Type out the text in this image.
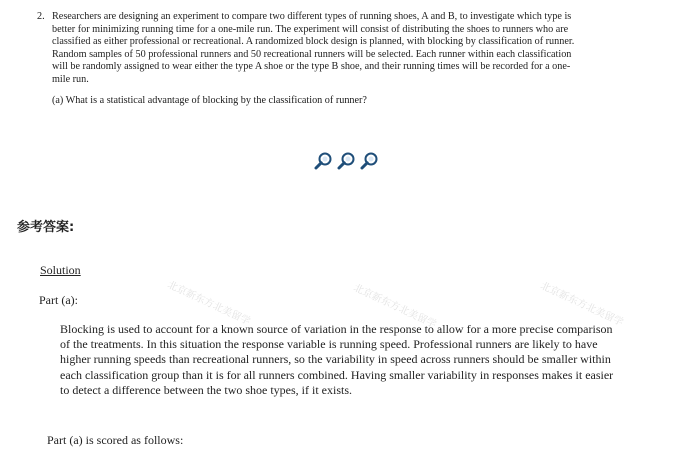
2. Researchers are designing an experiment to compare two different types of running shoes, A and B, to investigate which type is better for minimizing running time for a one-mile run. The experiment will consist of distributing the shoes to runners who are classified as either professional or recreational. A randomized block design is planned, with blocking by classification of runner. Random samples of 50 professional runners and 50 recreational runners will be selected. Each runner within each classification will be randomly assigned to wear either the type A shoe or the type B shoe, and their running times will be recorded for a one-mile run.
(a) What is a statistical advantage of blocking by the classification of runner?
参考答案:
Solution
Part (a):
Blocking is used to account for a known source of variation in the response to allow for a more precise comparison of the treatments. In this situation the response variable is running speed. Professional runners are likely to have higher running speeds than recreational runners, so the variability in speed across runners should be smaller within each classification group than it is for all runners combined. Having smaller variability in responses makes it easier to detect a difference between the two shoe types, if it exists.
Part (a) is scored as follows:
北京新东方北美留学	北京新东方北美留学	北京新东方北美留学
